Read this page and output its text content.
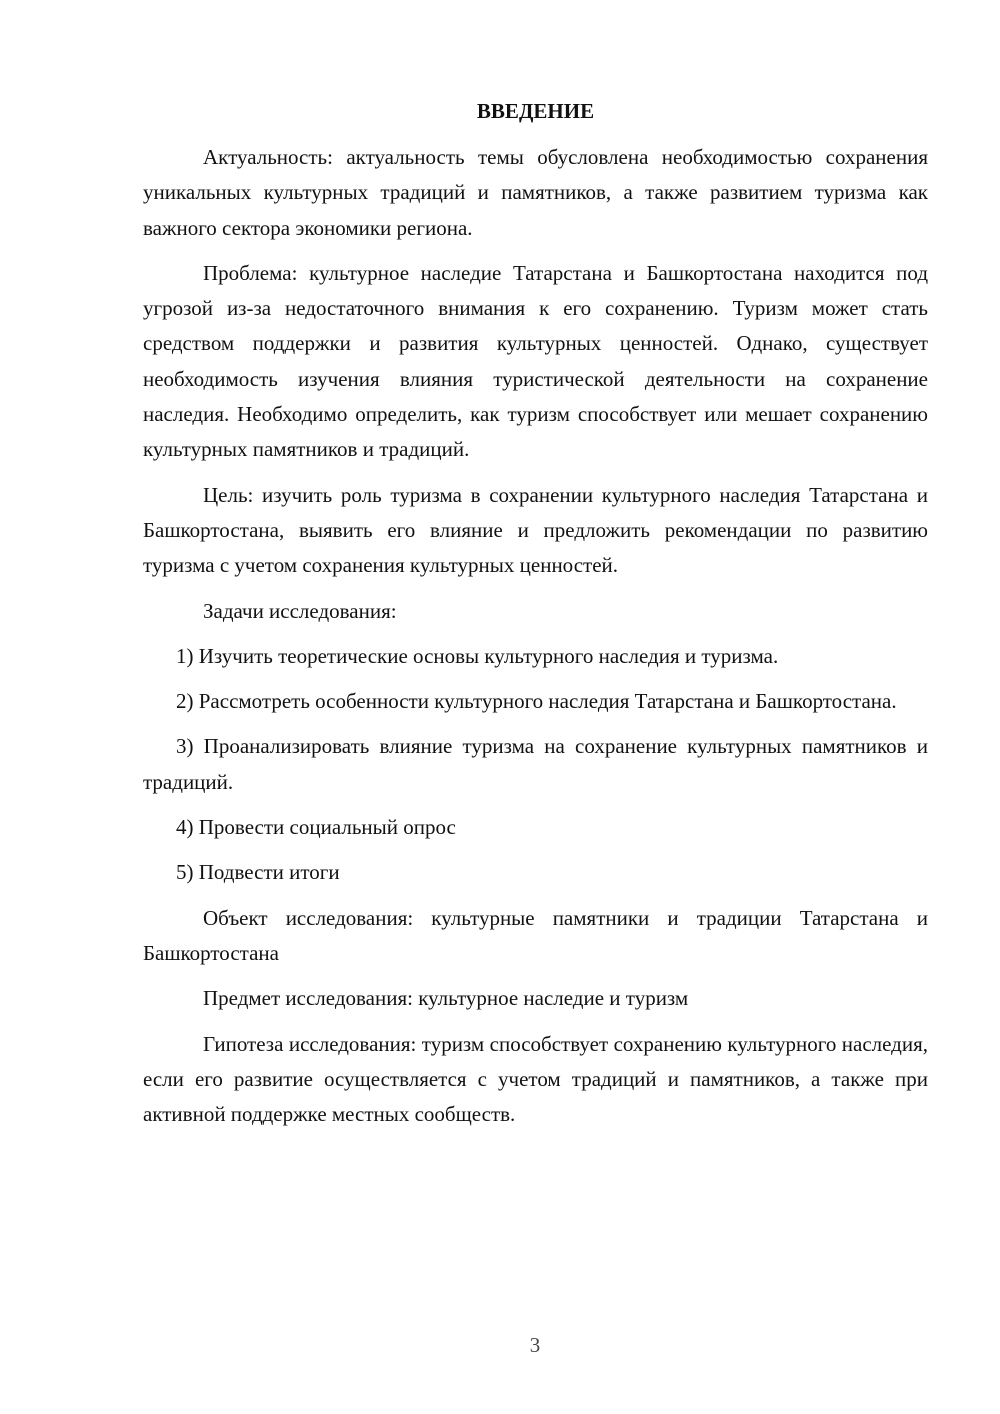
ВВЕДЕНИЕ

Актуальность: актуальность темы обусловлена необходимостью сохранения уникальных культурных традиций и памятников, а также развитием туризма как важного сектора экономики региона.

Проблема: культурное наследие Татарстана и Башкортостана находится под угрозой из-за недостаточного внимания к его сохранению. Туризм может стать средством поддержки и развития культурных ценностей. Однако, существует необходимость изучения влияния туристической деятельности на сохранение наследия. Необходимо определить, как туризм способствует или мешает сохранению культурных памятников и традиций.

Цель: изучить роль туризма в сохранении культурного наследия Татарстана и Башкортостана, выявить его влияние и предложить рекомендации по развитию туризма с учетом сохранения культурных ценностей.

Задачи исследования:

1) Изучить теоретические основы культурного наследия и туризма.

2) Рассмотреть особенности культурного наследия Татарстана и Башкортостана.

3) Проанализировать влияние туризма на сохранение культурных памятников и традиций.

4) Провести социальный опрос

5) Подвести итоги

Объект исследования: культурные памятники и традиции Татарстана и Башкортостана

Предмет исследования: культурное наследие и туризм

Гипотеза исследования: туризм способствует сохранению культурного наследия, если его развитие осуществляется с учетом традиций и памятников, а также при активной поддержке местных сообществ.

3
